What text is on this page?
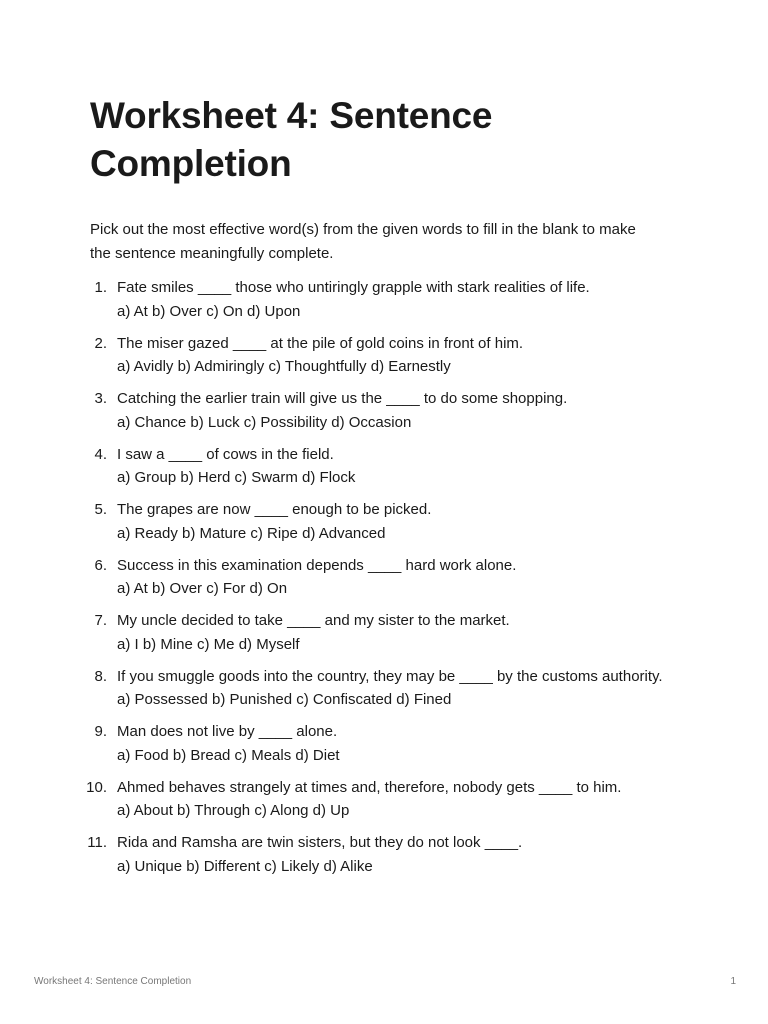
Worksheet 4: Sentence Completion

Pick out the most effective word(s) from the given words to fill in the blank to make the sentence meaningfully complete.

1. Fate smiles ____ those who untiringly grapple with stark realities of life.
a) At b) Over c) On d) Upon
2. The miser gazed ____ at the pile of gold coins in front of him.
a) Avidly b) Admiringly c) Thoughtfully d) Earnestly
3. Catching the earlier train will give us the ____ to do some shopping.
a) Chance b) Luck c) Possibility d) Occasion
4. I saw a ____ of cows in the field.
a) Group b) Herd c) Swarm d) Flock
5. The grapes are now ____ enough to be picked.
a) Ready b) Mature c) Ripe d) Advanced
6. Success in this examination depends ____ hard work alone.
a) At b) Over c) For d) On
7. My uncle decided to take ____ and my sister to the market.
a) I b) Mine c) Me d) Myself
8. If you smuggle goods into the country, they may be ____ by the customs authority.
a) Possessed b) Punished c) Confiscated d) Fined
9. Man does not live by ____ alone.
a) Food b) Bread c) Meals d) Diet
10. Ahmed behaves strangely at times and, therefore, nobody gets ____ to him.
a) About b) Through c) Along d) Up
11. Rida and Ramsha are twin sisters, but they do not look ____.
a) Unique b) Different c) Likely d) Alike
Worksheet 4: Sentence Completion	1
